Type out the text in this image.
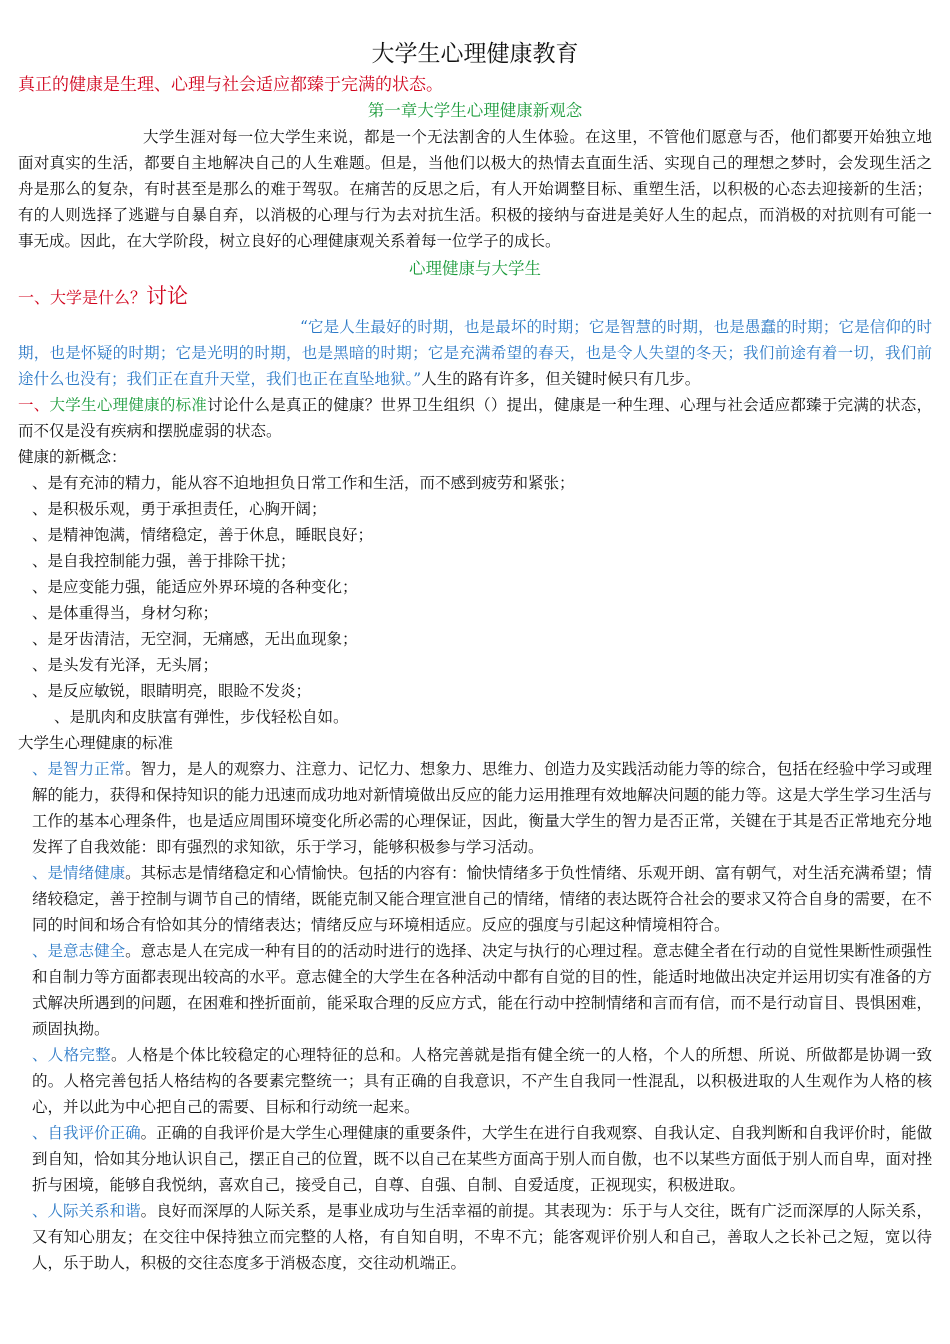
大学生心理健康教育

真正的健康是生理、心理与社会适应都臻于完满的状态。

第一章大学生心理健康新观念

大学生涯对每一位大学生来说，都是一个无法割舍的人生体验。在这里，不管他们愿意与否，他们都要开始独立地面对真实的生活，都要自主地解决自己的人生难题。但是，当他们以极大的热情去直面生活、实现自己的理想之梦时，会发现生活之舟是那么的复杂，有时甚至是那么的难于驾驭。在痛苦的反思之后，有人开始调整目标、重塑生活，以积极的心态去迎接新的生活；有的人则选择了逃避与自暴自弃，以消极的心理与行为去对抗生活。积极的接纳与奋进是美好人生的起点，而消极的对抗则有可能一事无成。因此，在大学阶段，树立良好的心理健康观关系着每一位学子的成长。

心理健康与大学生
一、大学是什么？讨论

“它是人生最好的时期，也是最坏的时期；它是智慧的时期，也是愚蠢的时期；它是信仰的时期，也是怀疑的时期；它是光明的时期，也是黑暗的时期；它是充满希望的春天，也是令人失望的冬天；我们前途有着一切，我们前途什么也没有；我们正在直升天堂，我们也正在直坠地狱。”人生的路有许多，但关键时候只有几步。

一、大学生心理健康的标准讨论什么是真正的健康？世界卫生组织（）提出，健康是一种生理、心理与社会适应都臻于完满的状态，而不仅是没有疾病和摆脱虚弱的状态。

健康的新概念：

、是有充沛的精力，能从容不迫地担负日常工作和生活，而不感到疲劳和紧张；

、是积极乐观，勇于承担责任，心胸开阔；

、是精神饱满，情绪稳定，善于休息，睡眠良好；

、是自我控制能力强，善于排除干扰；

、是应变能力强，能适应外界环境的各种变化；

、是体重得当，身材匀称；

、是牙齿清洁，无空洞，无痛感，无出血现象；

、是头发有光泽，无头屑；

、是反应敏锐，眼睛明亮，眼睑不发炎；

、是肌肉和皮肤富有弹性，步伐轻松自如。

大学生心理健康的标准

、是智力正常。智力，是人的观察力、注意力、记忆力、想象力、思维力、创造力及实践活动能力等的综合，包括在经验中学习或理解的能力，获得和保持知识的能力迅速而成功地对新情境做出反应的能力运用推理有效地解决问题的能力等。这是大学生学习生活与工作的基本心理条件，也是适应周围环境变化所必需的心理保证，因此，衡量大学生的智力是否正常，关键在于其是否正常地充分地发挥了自我效能：即有强烈的求知欲，乐于学习，能够积极参与学习活动。

、是情绪健康。其标志是情绪稳定和心情愉快。包括的内容有：愉快情绪多于负性情绪、乐观开朗、富有朝气，对生活充满希望；情绪较稳定，善于控制与调节自己的情绪，既能克制又能合理宣泄自己的情绪，情绪的表达既符合社会的要求又符合自身的需要，在不同的时间和场合有恰如其分的情绪表达；情绪反应与环境相适应。反应的强度与引起这种情境相符合。

、是意志健全。意志是人在完成一种有目的的活动时进行的选择、决定与执行的心理过程。意志健全者在行动的自觉性果断性顽强性和自制力等方面都表现出较高的水平。意志健全的大学生在各种活动中都有自觉的目的性，能适时地做出决定并运用切实有准备的方式解决所遇到的问题，在困难和挫折面前，能采取合理的反应方式，能在行动中控制情绪和言而有信，而不是行动盲目、畏惧困难，顽固执拗。

、人格完整。人格是个体比较稳定的心理特征的总和。人格完善就是指有健全统一的人格，个人的所想、所说、所做都是协调一致的。人格完善包括人格结构的各要素完整统一；具有正确的自我意识，不产生自我同一性混乱，以积极进取的人生观作为人格的核心，并以此为中心把自己的需要、目标和行动统一起来。

、自我评价正确。正确的自我评价是大学生心理健康的重要条件，大学生在进行自我观察、自我认定、自我判断和自我评价时，能做到自知，恰如其分地认识自己，摆正自己的位置，既不以自己在某些方面高于别人而自傲，也不以某些方面低于别人而自卑，面对挫折与困境，能够自我悦纳，喜欢自己，接受自己，自尊、自强、自制、自爱适度，正视现实，积极进取。

、人际关系和谐。良好而深厚的人际关系，是事业成功与生活幸福的前提。其表现为：乐于与人交往，既有广泛而深厚的人际关系，又有知心朋友；在交往中保持独立而完整的人格，有自知自明，不卑不亢；能客观评价别人和自己，善取人之长补己之短，宽以待人，乐于助人，积极的交往态度多于消极态度，交往动机端正。
